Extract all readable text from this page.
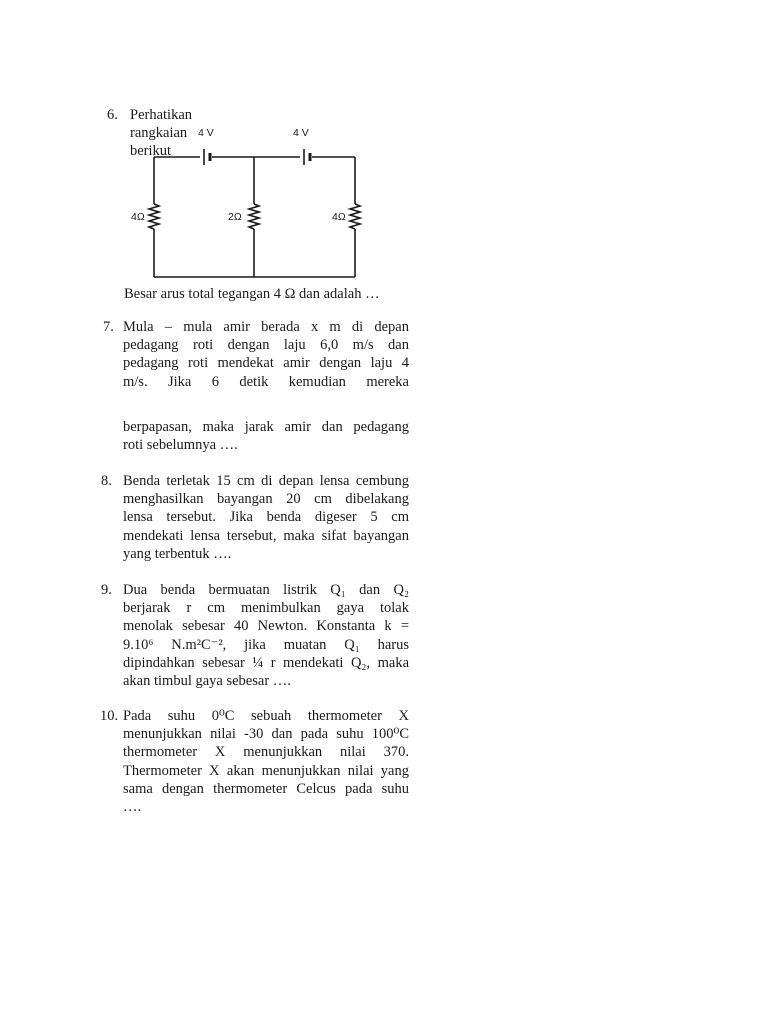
6. Perhatikan rangkaian berikut
4 V	4 V
4Ω	2Ω	4Ω
Besar arus total tegangan 4 Ω dan adalah …
7. Mula – mula amir berada x m di depan
pedagang roti dengan laju 6,0 m/s dan
pedagang roti mendekat amir dengan laju 4
m/s. Jika 6 detik kemudian mereka
berpapasan, maka jarak amir dan pedagang
roti sebelumnya ….
8. Benda terletak 15 cm di depan lensa cembung
menghasilkan bayangan 20 cm dibelakang
lensa tersebut. Jika benda digeser 5 cm
mendekati lensa tersebut, maka sifat bayangan
yang terbentuk ….
9. Dua benda bermuatan listrik Q₁ dan Q₂
berjarak r cm menimbulkan gaya tolak
menolak sebesar 40 Newton. Konstanta k =
9.10⁶ N.m²C⁻², jika muatan Q₁ harus
dipindahkan sebesar ¼ r mendekati Q₂, maka
akan timbul gaya sebesar ….
10. Pada suhu 0⁰C sebuah thermometer X
menunjukkan nilai -30 dan pada suhu 100⁰C
thermometer X menunjukkan nilai 370.
Thermometer X akan menunjukkan nilai yang
sama dengan thermometer Celcus pada suhu
….
